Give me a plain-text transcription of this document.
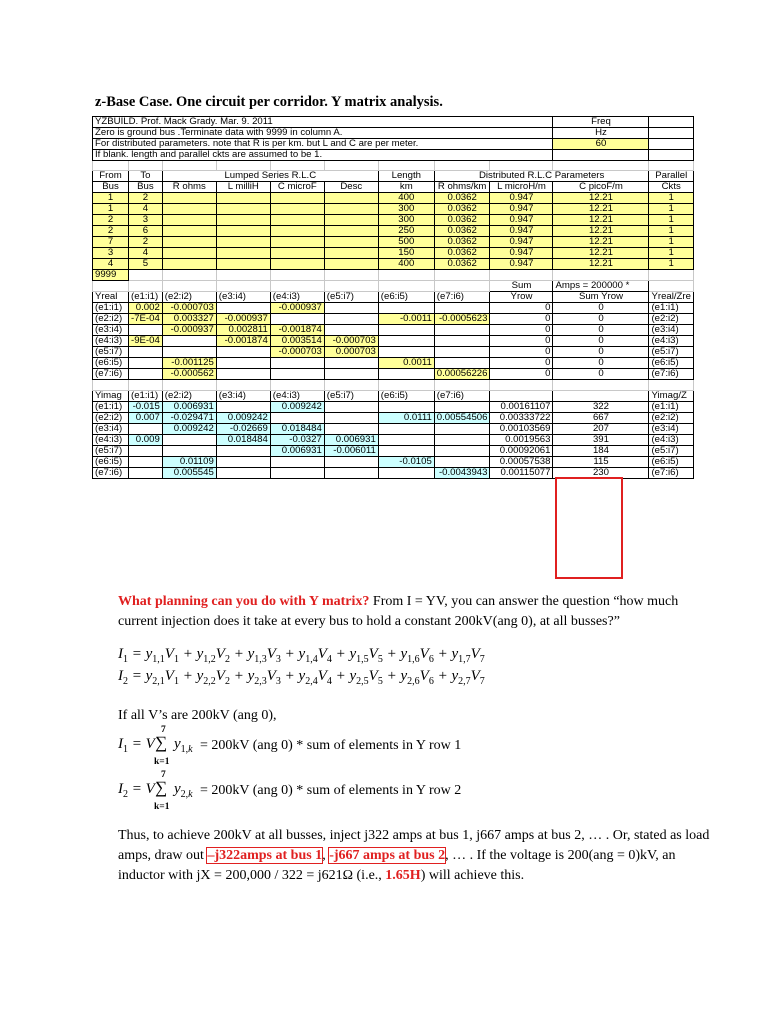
z-Base Case. One circuit per corridor. Y matrix analysis.
YZBUILD. Prof. Mack Grady. Mar. 9. 2011									Freq	
Zero is ground bus .Terminate data with 9999 in column A.									Hz	
For distributed parameters. note that R is per km. but L and C are per meter.									60	
If blank. length and parallel ckts are assumed to be 1.										

From	To	Lumped Series R.L.C				Length	Distributed R.L.C Parameters			Parallel
Bus	Bus	R ohms	L milliH	C microF	Desc	km	R ohms/km	L microH/m	C picoF/m	Ckts
1	2					400	0.0362	0.947	12.21	1
1	4					300	0.0362	0.947	12.21	1
2	3					300	0.0362	0.947	12.21	1
2	6					250	0.0362	0.947	12.21	1
7	2					500	0.0362	0.947	12.21	1
3	4					150	0.0362	0.947	12.21	1
4	5					400	0.0362	0.947	12.21	1
9999										
								Sum	Amps = 200000 *	
Yreal	(e1:i1)	(e2:i2)	(e3:i4)	(e4:i3)	(e5:i7)	(e6:i5)	(e7:i6)	Yrow	Sum Yrow	Yreal/Zre
(e1:i1)	0.002	-0.000703		-0.000937				0	0	(e1:i1)
(e2:i2)	-7E-04	0.003327	-0.000937			-0.0011	-0.0005623	0	0	(e2:i2)
(e3:i4)		-0.000937	0.002811	-0.001874				0	0	(e3:i4)
(e4:i3)	-9E-04		-0.001874	0.003514	-0.000703			0	0	(e4:i3)
(e5:i7)				-0.000703	0.000703			0	0	(e5:i7)
(e6:i5)		-0.001125				0.0011		0	0	(e6:i5)
(e7:i6)		-0.000562					0.00056226	0	0	(e7:i6)

Yimag	(e1:i1)	(e2:i2)	(e3:i4)	(e4:i3)	(e5:i7)	(e6:i5)	(e7:i6)			Yimag/Z
(e1:i1)	-0.015	0.006931		0.009242				0.00161107	322	(e1:i1)
(e2:i2)	0.007	-0.029471	0.009242			0.0111	0.00554506	0.00333722	667	(e2:i2)
(e3:i4)		0.009242	-0.02669	0.018484				0.00103569	207	(e3:i4)
(e4:i3)	0.009		0.018484	-0.0327	0.006931			0.0019563	391	(e4:i3)
(e5:i7)				0.006931	-0.006011			0.00092061	184	(e5:i7)
(e6:i5)		0.01109				-0.0105		0.00057538	115	(e6:i5)
(e7:i6)		0.005545					-0.0043943	0.00115077	230	(e7:i6)
What planning can you do with Y matrix? From I = YV, you can answer the question “how much current injection does it take at every bus to hold a constant 200kV(ang 0), at all busses?”
$I_1 = y_{1,1}V_1 + y_{1,2}V_2 + y_{1,3}V_3 + y_{1,4}V_4 + y_{1,5}V_5 + y_{1,6}V_6 + y_{1,7}V_7$
$I_2 = y_{2,1}V_1 + y_{2,2}V_2 + y_{2,3}V_3 + y_{2,4}V_4 + y_{2,5}V_5 + y_{2,6}V_6 + y_{2,7}V_7$
If all V’s are 200kV (ang 0),
$I_1 = V$
7
∑
k=1
$y_{1,k} = 200kV$ (ang 0) * sum of elements in Y row 1
$I_2 = V$
7
∑
k=1
$y_{2,k} = 200kV$ (ang 0) * sum of elements in Y row 2
Thus, to achieve 200kV at all busses, inject j322 amps at bus 1, j667 amps at bus 2, … . Or, stated as load amps, draw out –j322amps at bus 1, -j667 amps at bus 2, … . If the voltage is 200(ang = 0)kV, an inductor with jX = 200,000 / 322 = j621Ω (i.e., 1.65H) will achieve this.
